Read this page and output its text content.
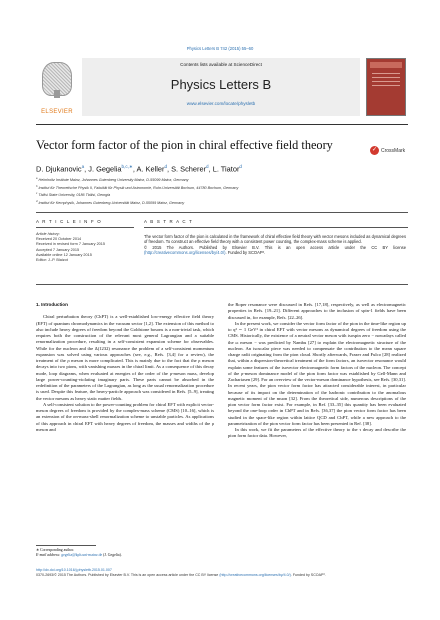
Physics Letters B 742 (2015) 55–60
ELSEVIER
Contents lists available at ScienceDirect
Physics Letters B
www.elsevier.com/locate/physletb
Vector form factor of the pion in chiral effective field theory	✓ CrossMark
D. Djukanovic$^a$, J. Gegelia$^{b,c,∗}$, A. Keller$^d$, S. Scherer$^d$, L. Tiator$^d$
$^a$ Helmholtz Institute Mainz, Johannes Gutenberg University Mainz, D-55099 Mainz, Germany
$^b$ Institut für Theoretische Physik II, Fakultät für Physik und Astronomie, Ruhr-Universität Bochum, 44780 Bochum, Germany
$^c$ Tbilisi State University, 0186 Tbilisi, Georgia
$^d$ Institut für Kernphysik, Johannes Gutenberg-Universität Mainz, D-55099 Mainz, Germany
A R T I C L E I N F O	A B S T R A C T
Article history:
Received 20 October 2014
Received in revised form 7 January 2015
Accepted 7 January 2015
Available online 12 January 2015
Editor: J.-P. Blaizot
The vector form factor of the pion is calculated in the framework of chiral effective field theory with vector mesons included as dynamical degrees of freedom. To construct an effective field theory with a consistent power counting, the complex-mass scheme is applied.
© 2015 The Authors. Published by Elsevier B.V. This is an open access article under the CC BY license (http://creativecommons.org/licenses/by/4.0/). Funded by SCOAP³.
1. Introduction

Chiral perturbation theory (ChPT) is a well-established low-energy effective field theory (EFT) of quantum chromodynamics in the vacuum sector [1,2]. The extension of this method to also include heavy degrees of freedom beyond the Goldstone bosons is a non-trivial task, which requires both the construction of the relevant most general Lagrangian and a suitable renormalization procedure, resulting in a self-consistent expansion scheme for observables. While for the nucleon and the Δ(1232) resonance the problem of a self-consistent momentum expansion was solved using various approaches (see, e.g., Refs. [3,4] for a review), the treatment of the ρ meson is more complicated. This is mainly due to the fact that the ρ meson decays into two pions, with vanishing masses in the chiral limit. As a consequence of this decay mode, loop diagrams, when evaluated at energies of the order of the ρ-meson mass, develop large power-counting-violating imaginary parts. These parts cannot be absorbed in the redefinition of the parameters of the Lagrangian, as long as the usual renormalization procedure is used. Despite this feature, the heavy-particle approach was considered in Refs. [5–9], treating the vector mesons as heavy static matter fields.

A self-consistent solution to the power-counting problem for chiral EFT with explicit vector-meson degrees of freedom is provided by the complex-mass scheme (CMS) [10–16], which is an extension of the on-mass-shell renormalization scheme to unstable particles. As applications of this approach in chiral EFT with heavy degrees of freedom, the masses and widths of the ρ meson and

the Roper resonance were discussed in Refs. [17,18], respectively, as well as electromagnetic properties in Refs. [19–21]. Different approaches to the inclusion of spin-1 fields have been discussed in, for example, Refs. [22–26].

In the present work, we consider the vector form factor of the pion in the time-like region up to q² ∼ 1 GeV² in chiral EFT with vector mesons as dynamical degrees of freedom using the CMS. Historically, the existence of a neutral vector meson with isospin zero − nowadays called the ω meson − was predicted by Nambu [27] to explain the electromagnetic structure of the nucleon. An isoscalar piece was needed to compensate the contribution to the mean square charge radii originating from the pion cloud. Shortly afterwards, Frazer and Fulco [28] realized that, within a dispersion-theoretical treatment of the form factors, an isovector resonance would explain some features of the isovector electromagnetic form factors of the nucleon. The concept of the ρ-meson dominance model of the pion form factor was established by Gell-Mann and Zachariasen [29]. For an overview of the vector-meson dominance hypothesis, see Refs. [30,31]. In recent years, the pion vector form factor has attracted considerable interest, in particular because of its impact on the determination of the hadronic contribution to the anomalous magnetic moment of the muon [32]. From the theoretical side, numerous descriptions of the pion vector form factor exist. For example, in Ref. [33–35] this quantity has been evaluated beyond the one-loop order in ChPT and in Refs. [36,37] the pion vector form factor has been studied in the space-like region within lattice QCD and ChPT, while a new approach to the parametrization of the pion vector form factor has been presented in Ref. [38].

In this work, we fit the parameters of the effective theory to the τ decay and describe the pion form factor data. However,

∗ Corresponding author.
E-mail address: gegelia@kph.uni-mainz.de (J. Gegelia).
http://dx.doi.org/10.1016/j.physletb.2015.01.007
0370-2693/© 2015 The Authors. Published by Elsevier B.V. This is an open access article under the CC BY license (http://creativecommons.org/licenses/by/4.0/). Funded by SCOAP³.
